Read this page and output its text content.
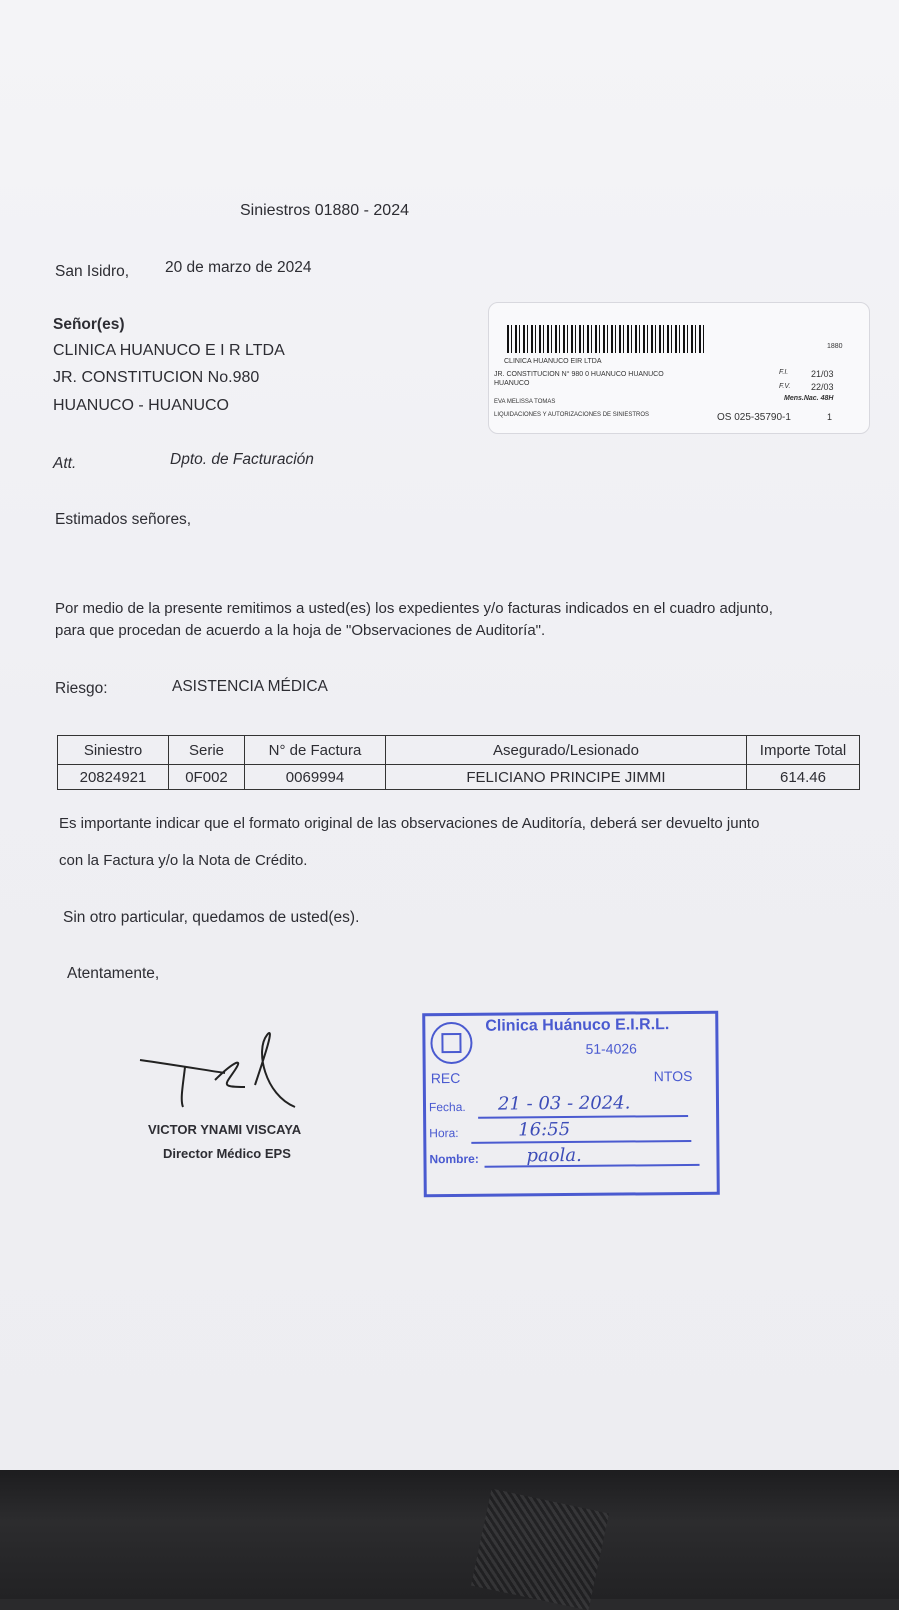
Siniestros 01880 - 2024
San Isidro, 20 de marzo de 2024
Señor(es)
CLINICA HUANUCO E I R LTDA
JR. CONSTITUCION No.980
HUANUCO - HUANUCO
Att.	Dpto. de Facturación
Estimados señores,
Por medio de la presente remitimos a usted(es) los expedientes y/o facturas indicados en el cuadro adjunto,
para que procedan de acuerdo a la hoja de "Observaciones de Auditoría".
Riesgo:	ASISTENCIA MÉDICA
Siniestro	Serie	N° de Factura	Asegurado/Lesionado	Importe Total
20824921	0F002	0069994	FELICIANO PRINCIPE JIMMI	614.46
Es importante indicar que el formato original de las observaciones de Auditoría, deberá ser devuelto junto
con la Factura y/o la Nota de Crédito.
Sin otro particular, quedamos de usted(es).
Atentamente,
VICTOR YNAMI VISCAYA
Director Médico EPS
1880
CLINICA HUANUCO EIR LTDA
JR. CONSTITUCION N° 980 0 HUANUCO HUANUCO
HUANUCO
F.I.	21/03
F.V. 22/03
Mens.Nac. 48H
EVA MELISSA TOMAS
LIQUIDACIONES Y AUTORIZACIONES DE SINIESTROS	OS 025-35790-1	1
Clinica Huánuco E.I.R.L.
51-4026
REC	NTOS
Fecha. 21 - 03 - 2024.
Hora:	16:55
Nombre:	paola.
